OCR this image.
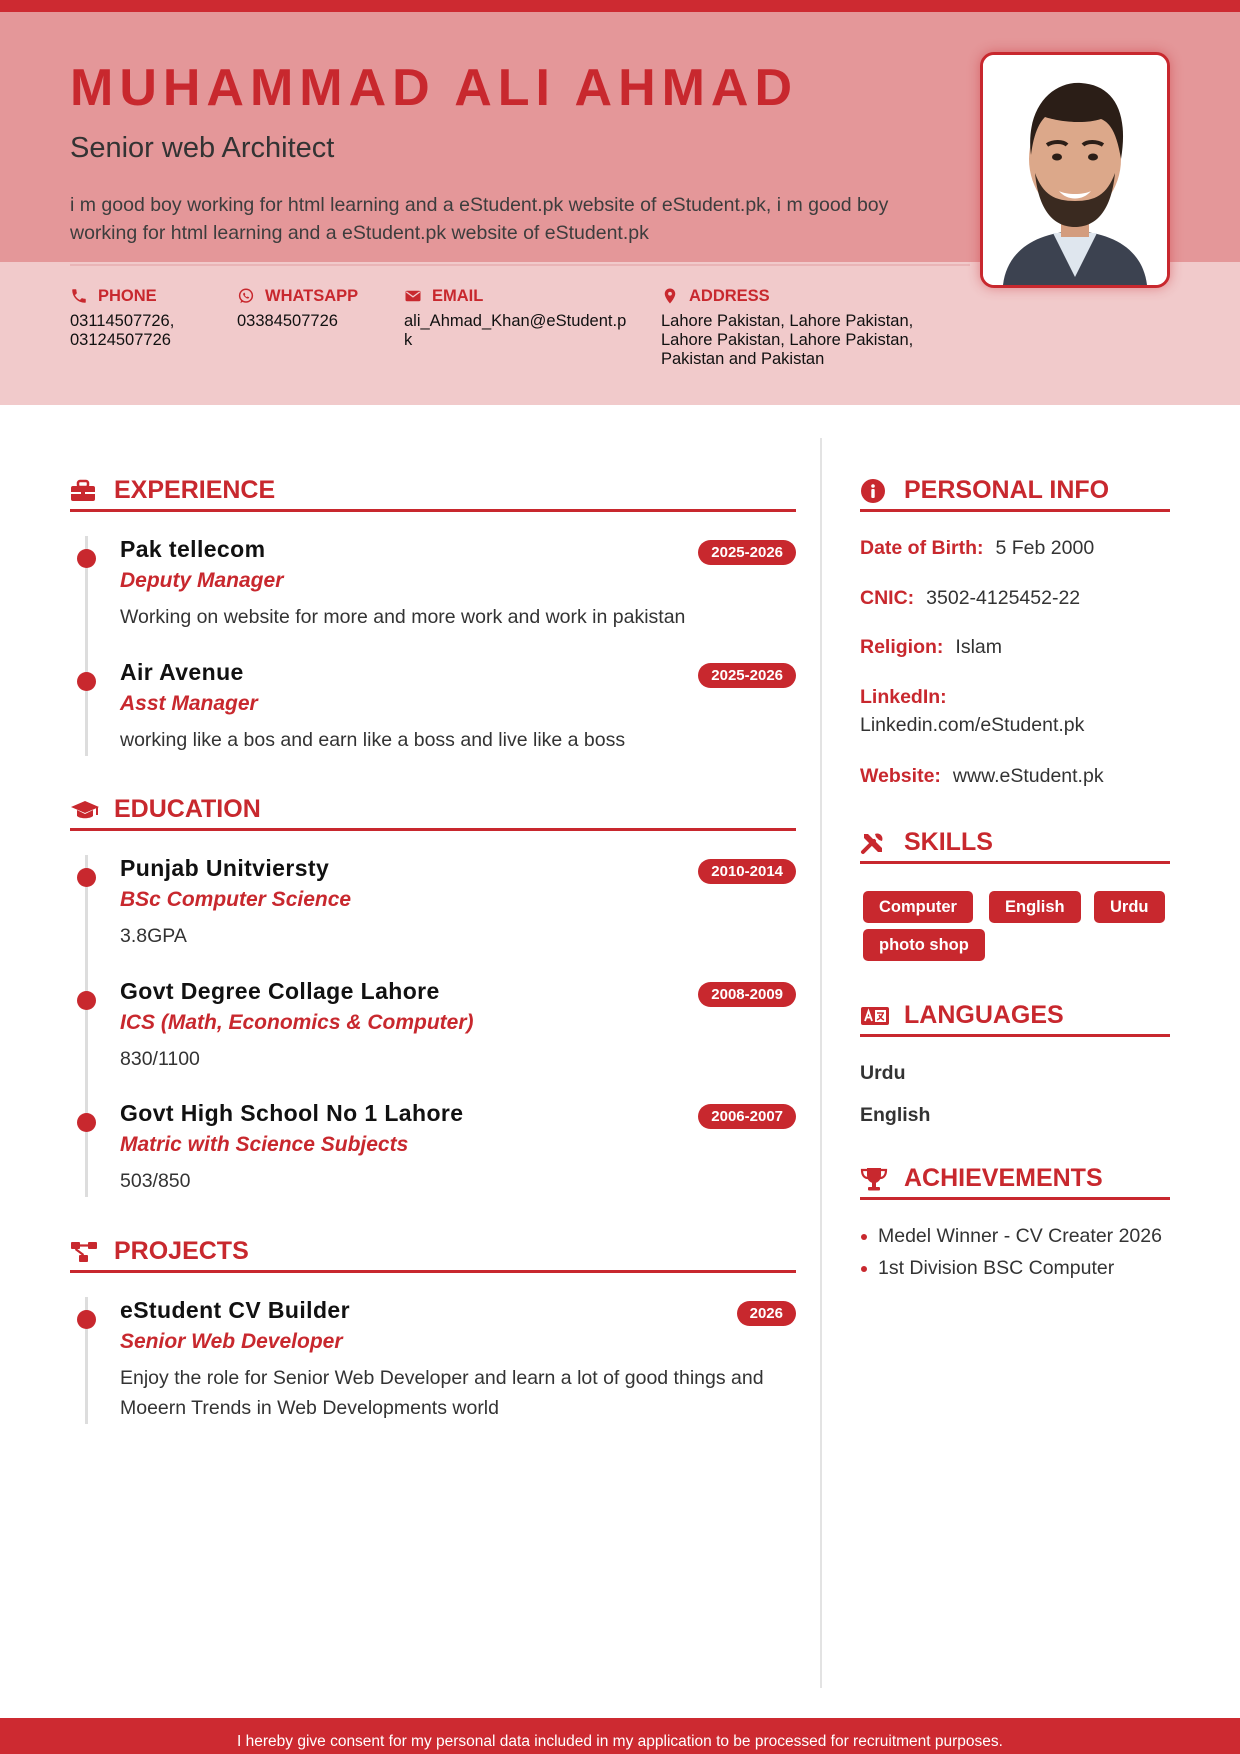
MUHAMMAD ALI AHMAD
Senior web Architect

i m good boy working for html learning and a eStudent.pk website of eStudent.pk, i m good boy working for html learning and a eStudent.pk website of eStudent.pk

PHONE
03114507726, 03124507726
WHATSAPP
03384507726
EMAIL
ali_Ahmad_Khan@eStudent.pk
ADDRESS
Lahore Pakistan, Lahore Pakistan, Lahore Pakistan, Lahore Pakistan, Pakistan and Pakistan
EXPERIENCE
Pak tellecom	2025-2026
Deputy Manager
Working on website for more and more work and work in pakistan
Air Avenue	2025-2026
Asst Manager
working like a bos and earn like a boss and live like a boss
EDUCATION
Punjab Unitviersty	2010-2014
BSc Computer Science
3.8GPA
Govt Degree Collage Lahore	2008-2009
ICS (Math, Economics & Computer)
830/1100
Govt High School No 1 Lahore	2006-2007
Matric with Science Subjects
503/850
PROJECTS
eStudent CV Builder	2026
Senior Web Developer
Enjoy the role for Senior Web Developer and learn a lot of good things and Moeern Trends in Web Developments world
PERSONAL INFO
Date of Birth: 5 Feb 2000
CNIC: 3502-4125452-22
Religion: Islam
LinkedIn:
Linkedin.com/eStudent.pk
Website: www.eStudent.pk
SKILLS
Computer	English	Urdu
photo shop
LANGUAGES
Urdu
English
ACHIEVEMENTS
Medel Winner - CV Creater 2026
1st Division BSC Computer
I hereby give consent for my personal data included in my application to be processed for recruitment purposes.
